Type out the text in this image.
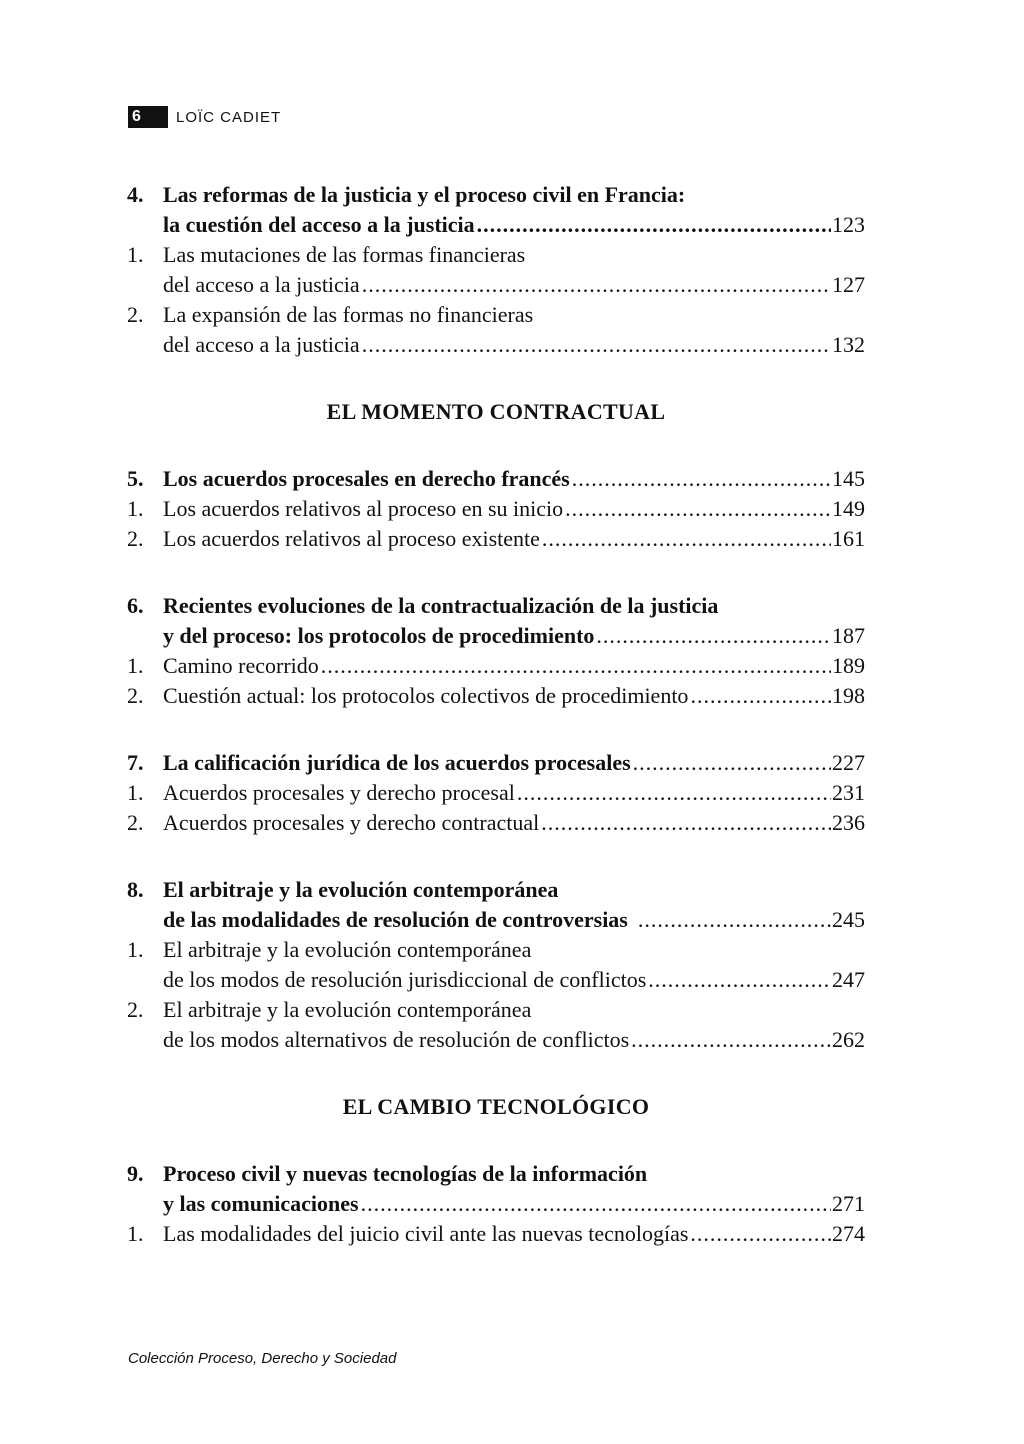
6	LOÏC CADIET
4. Las reformas de la justicia y el proceso civil en Francia:
la cuestión del acceso a la justicia .....	123
1. Las mutaciones de las formas financieras
del acceso a la justicia .....	127
2. La expansión de las formas no financieras
del acceso a la justicia .....	132
EL MOMENTO CONTRACTUAL
5. Los acuerdos procesales en derecho francés .....	145
1. Los acuerdos relativos al proceso en su inicio .....	149
2. Los acuerdos relativos al proceso existente .....	161
6. Recientes evoluciones de la contractualización de la justicia
y del proceso: los protocolos de procedimiento .....	187
1. Camino recorrido .....	189
2. Cuestión actual: los protocolos colectivos de procedimiento .....	198
7. La calificación jurídica de los acuerdos procesales .....	227
1. Acuerdos procesales y derecho procesal .....	231
2. Acuerdos procesales y derecho contractual .....	236
8. El arbitraje y la evolución contemporánea
de las modalidades de resolución de controversias .....	245
1. El arbitraje y la evolución contemporánea
de los modos de resolución jurisdiccional de conflictos .....	247
2. El arbitraje y la evolución contemporánea
de los modos alternativos de resolución de conflictos .....	262
EL CAMBIO TECNOLÓGICO
9. Proceso civil y nuevas tecnologías de la información
y las comunicaciones .....	271
1. Las modalidades del juicio civil ante las nuevas tecnologías .....	274
Colección Proceso, Derecho y Sociedad
